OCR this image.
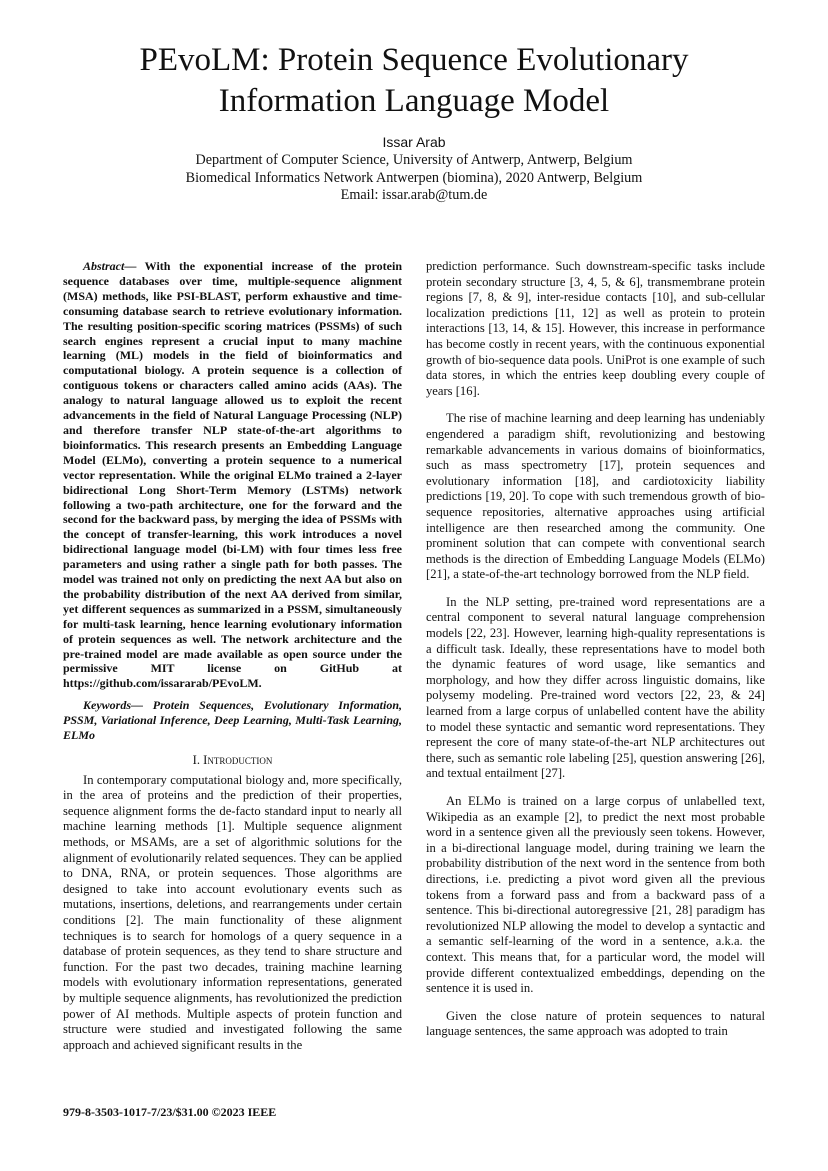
PEvoLM: Protein Sequence Evolutionary
Information Language Model
Issar Arab
Department of Computer Science, University of Antwerp, Antwerp, Belgium
Biomedical Informatics Network Antwerpen (biomina), 2020 Antwerp, Belgium
Email: issar.arab@tum.de

Abstract— With the exponential increase of the protein sequence databases over time, multiple-sequence alignment (MSA) methods, like PSI-BLAST, perform exhaustive and time-consuming database search to retrieve evolutionary information. The resulting position-specific scoring matrices (PSSMs) of such search engines represent a crucial input to many machine learning (ML) models in the field of bioinformatics and computational biology. A protein sequence is a collection of contiguous tokens or characters called amino acids (AAs). The analogy to natural language allowed us to exploit the recent advancements in the field of Natural Language Processing (NLP) and therefore transfer NLP state-of-the-art algorithms to bioinformatics. This research presents an Embedding Language Model (ELMo), converting a protein sequence to a numerical vector representation. While the original ELMo trained a 2-layer bidirectional Long Short-Term Memory (LSTMs) network following a two-path architecture, one for the forward and the second for the backward pass, by merging the idea of PSSMs with the concept of transfer-learning, this work introduces a novel bidirectional language model (bi-LM) with four times less free parameters and using rather a single path for both passes. The model was trained not only on predicting the next AA but also on the probability distribution of the next AA derived from similar, yet different sequences as summarized in a PSSM, simultaneously for multi-task learning, hence learning evolutionary information of protein sequences as well. The network architecture and the pre-trained model are made available as open source under the permissive MIT license on GitHub at https://github.com/issararab/PEvoLM.

Keywords— Protein Sequences, Evolutionary Information, PSSM, Variational Inference, Deep Learning, Multi-Task Learning, ELMo

I. Introduction

In contemporary computational biology and, more specifically, in the area of proteins and the prediction of their properties, sequence alignment forms the de-facto standard input to nearly all machine learning methods [1]. Multiple sequence alignment methods, or MSAMs, are a set of algorithmic solutions for the alignment of evolutionarily related sequences. They can be applied to DNA, RNA, or protein sequences. Those algorithms are designed to take into account evolutionary events such as mutations, insertions, deletions, and rearrangements under certain conditions [2]. The main functionality of these alignment techniques is to search for homologs of a query sequence in a database of protein sequences, as they tend to share structure and function. For the past two decades, training machine learning models with evolutionary information representations, generated by multiple sequence alignments, has revolutionized the prediction power of AI methods. Multiple aspects of protein function and structure were studied and investigated following the same approach and achieved significant results in the

prediction performance. Such downstream-specific tasks include protein secondary structure [3, 4, 5, & 6], transmembrane protein regions [7, 8, & 9], inter-residue contacts [10], and sub-cellular localization predictions [11, 12] as well as protein to protein interactions [13, 14, & 15]. However, this increase in performance has become costly in recent years, with the continuous exponential growth of bio-sequence data pools. UniProt is one example of such data stores, in which the entries keep doubling every couple of years [16].

The rise of machine learning and deep learning has undeniably engendered a paradigm shift, revolutionizing and bestowing remarkable advancements in various domains of bioinformatics, such as mass spectrometry [17], protein sequences and evolutionary information [18], and cardiotoxicity liability predictions [19, 20]. To cope with such tremendous growth of bio-sequence repositories, alternative approaches using artificial intelligence are then researched among the community. One prominent solution that can compete with conventional search methods is the direction of Embedding Language Models (ELMo) [21], a state-of-the-art technology borrowed from the NLP field.

In the NLP setting, pre-trained word representations are a central component to several natural language comprehension models [22, 23]. However, learning high-quality representations is a difficult task. Ideally, these representations have to model both the dynamic features of word usage, like semantics and morphology, and how they differ across linguistic domains, like polysemy modeling. Pre-trained word vectors [22, 23, & 24] learned from a large corpus of unlabelled content have the ability to model these syntactic and semantic word representations. They represent the core of many state-of-the-art NLP architectures out there, such as semantic role labeling [25], question answering [26], and textual entailment [27].

An ELMo is trained on a large corpus of unlabelled text, Wikipedia as an example [2], to predict the next most probable word in a sentence given all the previously seen tokens. However, in a bi-directional language model, during training we learn the probability distribution of the next word in the sentence from both directions, i.e. predicting a pivot word given all the previous tokens from a forward pass and from a backward pass of a sentence. This bi-directional autoregressive [21, 28] paradigm has revolutionized NLP allowing the model to develop a syntactic and a semantic self-learning of the word in a sentence, a.k.a. the context. This means that, for a particular word, the model will provide different contextualized embeddings, depending on the sentence it is used in.

Given the close nature of protein sequences to natural language sentences, the same approach was adopted to train

979-8-3503-1017-7/23/$31.00 ©2023 IEEE
